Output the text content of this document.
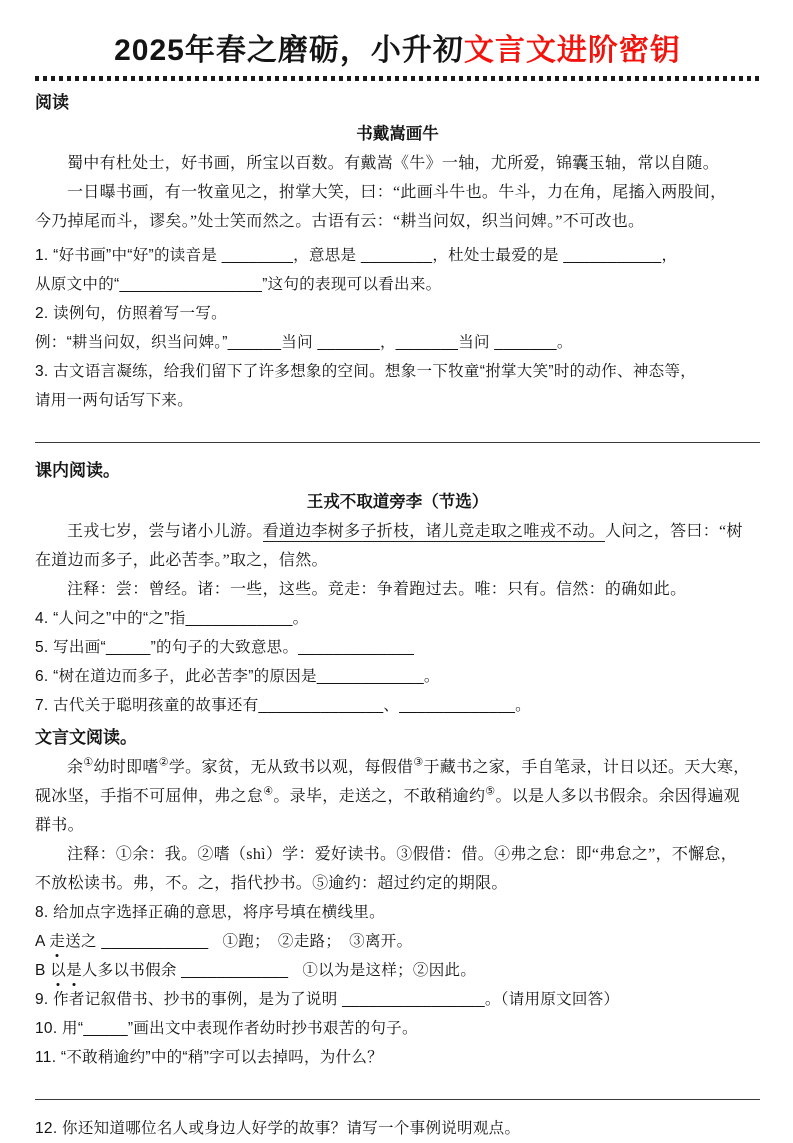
2025年春之磨砺，小升初文言文进阶密钥
阅读
书戴嵩画牛

蜀中有杜处士，好书画，所宝以百数。有戴嵩《牛》一轴，尤所爱，锦囊玉轴，常以自随。

一日曝书画，有一牧童见之，拊掌大笑，曰：“此画斗牛也。牛斗，力在角，尾搐入两股间，

今乃掉尾而斗，谬矣。”处士笑而然之。古语有云：“耕当问奴，织当问婢。”不可改也。

1. “好书画”中“好”的读音是 ________，意思是 ________，杜处士最爱的是 ___________，

从原文中的“________________”这句的表现可以看出来。

2. 读例句，仿照着写一写。

例：“耕当问奴，织当问婢。”______当问 _______，_______当问 _______。

3. 古文语言凝练，给我们留下了许多想象的空间。想象一下牧童“拊掌大笑”时的动作、神态等，

请用一两句话写下来。

课内阅读。
王戎不取道旁李（节选）

王戎七岁，尝与诸小儿游。看道边李树多子折枝，诸儿竞走取之唯戎不动。人问之，答曰：“树

在道边而多子，此必苦李。”取之，信然。

注释：尝：曾经。诸：一些，这些。竞走：争着跑过去。唯：只有。信然：的确如此。

4. “人问之”中的“之”指____________。

5. 写出画“_____”的句子的大致意思。_____________

6. “树在道边而多子，此必苦李”的原因是____________。

7. 古代关于聪明孩童的故事还有______________、_____________。

文言文阅读。

余①幼时即嗜②学。家贫，无从致书以观，每假借③于藏书之家，手自笔录，计日以还。天大寒，

砚冰坚，手指不可屈伸，弗之怠④。录毕，走送之，不敢稍逾约⑤。以是人多以书假余。余因得遍观

群书。

注释：①余：我。②嗜（shì）学：爱好读书。③假借：借。④弗之怠：即“弗怠之”，不懈怠，

不放松读书。弗，不。之，指代抄书。⑤逾约：超过约定的期限。

8. 给加点字选择正确的意思，将序号填在横线里。

A 走送之 ____________ ①跑；　②走路；　③离开。

B 以是人多以书假余 ____________ ①以为是这样；②因此。

9. 作者记叙借书、抄书的事例，是为了说明 ________________。（请用原文回答）

10. 用“_____”画出文中表现作者幼时抄书艰苦的句子。

11. “不敢稍逾约”中的“稍”字可以去掉吗，为什么？

12. 你还知道哪位名人或身边人好学的故事？请写一个事例说明观点。
